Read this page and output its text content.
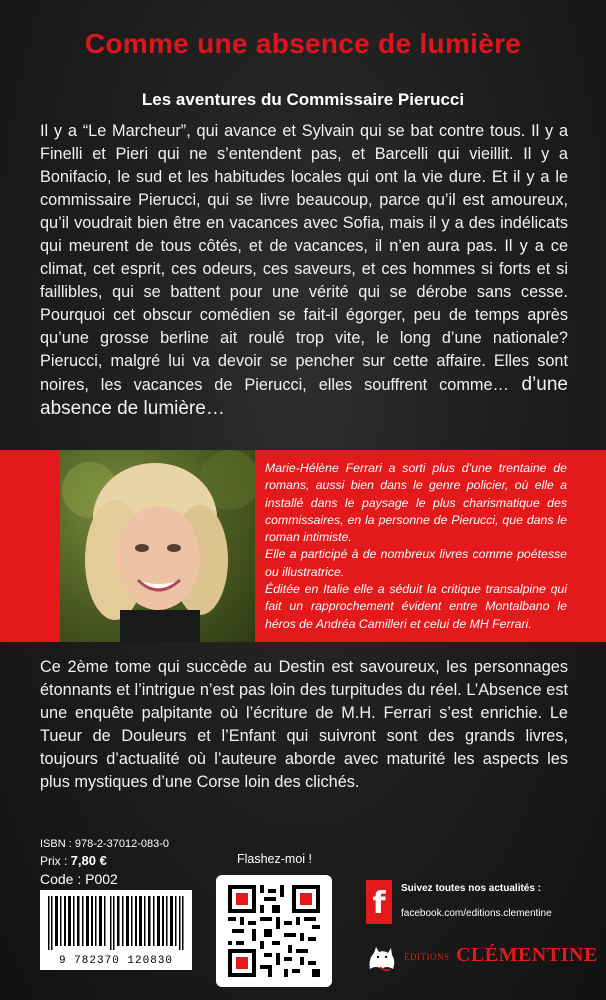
Comme une absence de lumière
Les aventures du Commissaire Pierucci

Il y a “Le Marcheur”, qui avance et Sylvain qui se bat contre tous. Il y a Finelli et Pieri qui ne s’entendent pas, et Barcelli qui vieillit. Il y a Bonifacio, le sud et les habitudes locales qui ont la vie dure. Et il y a le commissaire Pierucci, qui se livre beaucoup, parce qu’il est amoureux, qu’il voudrait bien être en vacances avec Sofia, mais il y a des indélicats qui meurent de tous côtés, et de vacances, il n’en aura pas. Il y a ce climat, cet esprit, ces odeurs, ces saveurs, et ces hommes si forts et si faillibles, qui se battent pour une vérité qui se dérobe sans cesse. Pourquoi cet obscur comédien se fait-il égorger, peu de temps après qu’une grosse berline ait roulé trop vite, le long d’une nationale? Pierucci, malgré lui va devoir se pencher sur cette affaire. Elles sont noires, les vacances de Pierucci, elles souffrent comme… d’une absence de lumière…

Marie-Hélène Ferrari a sorti plus d’une trentaine de romans, aussi bien dans le genre policier, où elle a installé dans le paysage le plus charismatique des commissaires, en la personne de Pierucci, que dans le roman intimiste.

Elle a participé à de nombreux livres comme poétesse ou illustratrice.

Éditée en Italie elle a séduit la critique transalpine qui fait un rapprochement évident entre Montalbano le héros de Andréa Camilleri et celui de MH Ferrari.

Ce 2ème tome qui succède au Destin est savoureux, les personnages étonnants et l’intrigue n’est pas loin des turpitudes du réel. L’Absence est une enquête palpitante où l’écriture de M.H. Ferrari s’est enrichie. Le Tueur de Douleurs et l’Enfant qui suivront sont des grands livres, toujours d’actualité où l’auteure aborde avec maturité les aspects les plus mystiques d’une Corse loin des clichés.

ISBN : 978-2-37012-083-0
Prix : 7,80 €
Code : P002
9 782370 120830
Flashez-moi !
f Suivez toutes nos actualités :
facebook.com/editions.clementine
ÉDITIONS CLÉMENTINE
